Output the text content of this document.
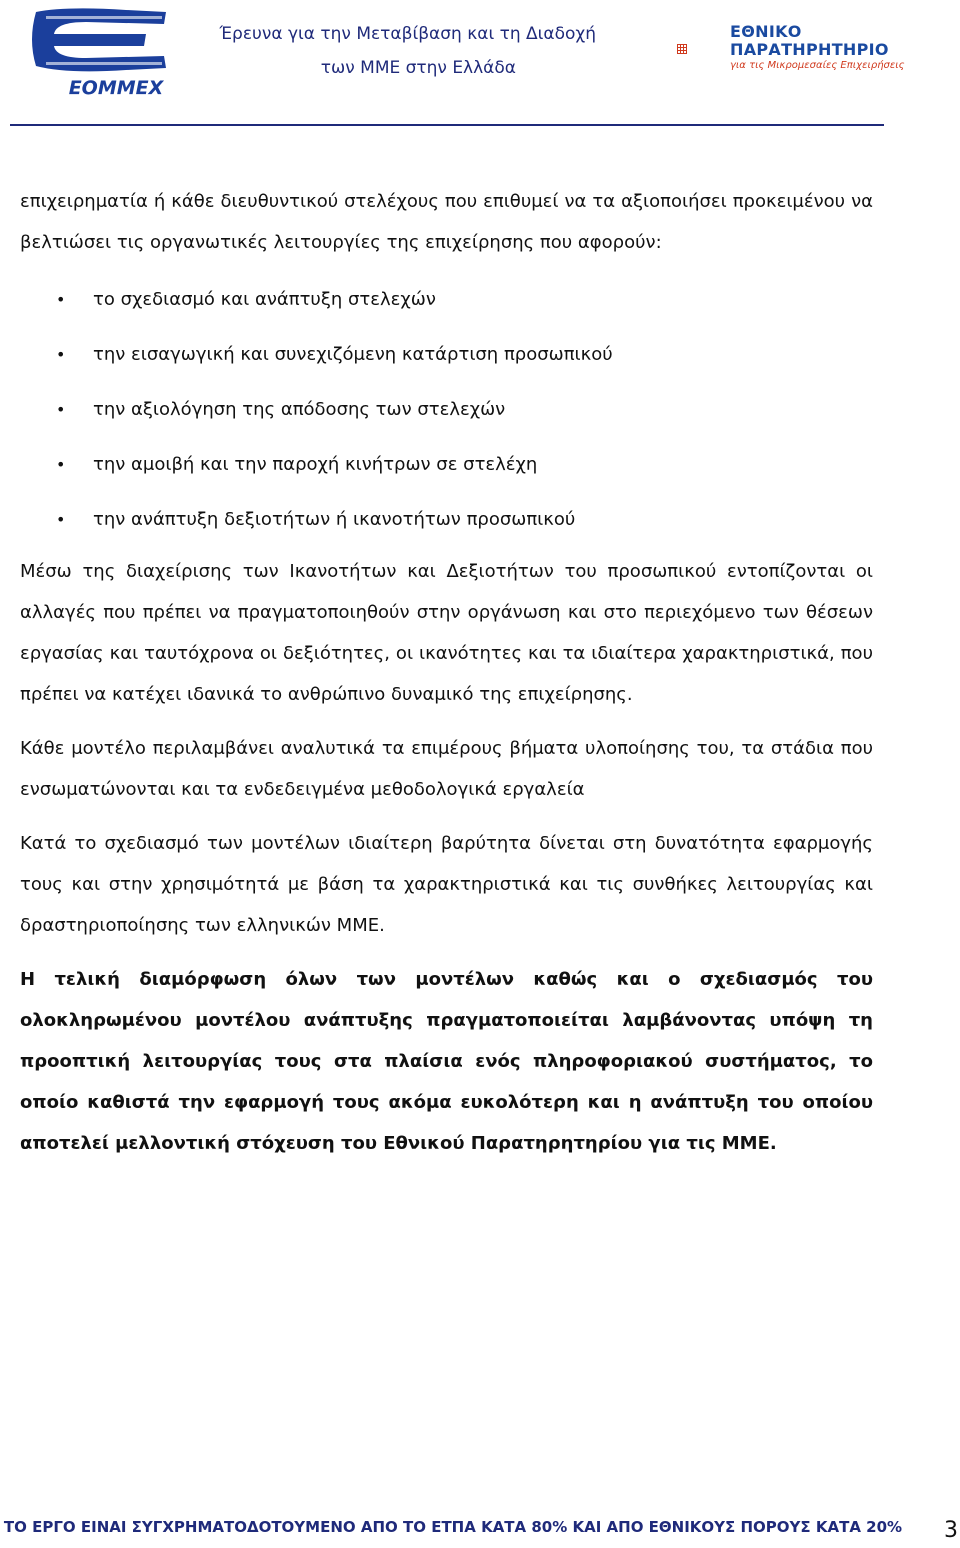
ΕΟΜΜΕΧ
Έρευνα για την Μεταβίβαση και τη Διαδοχή
των ΜΜΕ στην Ελλάδα
ΕΘΝΙΚΟ
ΠΑΡΑΤΗΡΗΤΗΡΙΟ
για τις Μικρομεσαίες Επιχειρήσεις

επιχειρηματία ή κάθε διευθυντικού στελέχους που επιθυμεί να τα αξιοποιήσει προκειμένου να βελτιώσει τις οργανωτικές λειτουργίες της επιχείρησης που αφορούν:

• το σχεδιασμό και ανάπτυξη στελεχών
• την εισαγωγική και συνεχιζόμενη κατάρτιση προσωπικού
• την αξιολόγηση της απόδοσης των στελεχών
• την αμοιβή και την παροχή κινήτρων σε στελέχη
• την ανάπτυξη δεξιοτήτων ή ικανοτήτων προσωπικού

Μέσω της διαχείρισης των Ικανοτήτων και Δεξιοτήτων του προσωπικού εντοπίζονται οι αλλαγές που πρέπει να πραγματοποιηθούν στην οργάνωση και στο περιεχόμενο των θέσεων εργασίας και ταυτόχρονα οι δεξιότητες, οι ικανότητες και τα ιδιαίτερα χαρακτηριστικά, που πρέπει να κατέχει ιδανικά το ανθρώπινο δυναμικό της επιχείρησης.

Κάθε μοντέλο περιλαμβάνει αναλυτικά τα επιμέρους βήματα υλοποίησης του, τα στάδια που ενσωματώνονται και τα ενδεδειγμένα μεθοδολογικά εργαλεία

Κατά το σχεδιασμό των μοντέλων ιδιαίτερη βαρύτητα δίνεται στη δυνατότητα εφαρμογής τους και στην χρησιμότητά με βάση τα χαρακτηριστικά και τις συνθήκες λειτουργίας και δραστηριοποίησης των ελληνικών ΜΜΕ.

Η τελική διαμόρφωση όλων των μοντέλων καθώς και ο σχεδιασμός του ολοκληρωμένου μοντέλου ανάπτυξης πραγματοποιείται λαμβάνοντας υπόψη τη προοπτική λειτουργίας τους στα πλαίσια ενός πληροφοριακού συστήματος, το οποίο καθιστά την εφαρμογή τους ακόμα ευκολότερη και η ανάπτυξη του οποίου αποτελεί μελλοντική στόχευση του Εθνικού Παρατηρητηρίου για τις ΜΜΕ.

ΤΟ ΕΡΓΟ ΕΙΝΑΙ ΣΥΓΧΡΗΜΑΤΟΔΟΤΟΥΜΕΝΟ ΑΠΟ ΤΟ ΕΤΠΑ ΚΑΤΑ 80% ΚΑΙ ΑΠΟ ΕΘΝΙΚΟΥΣ ΠΟΡΟΥΣ ΚΑΤΑ 20% 3
